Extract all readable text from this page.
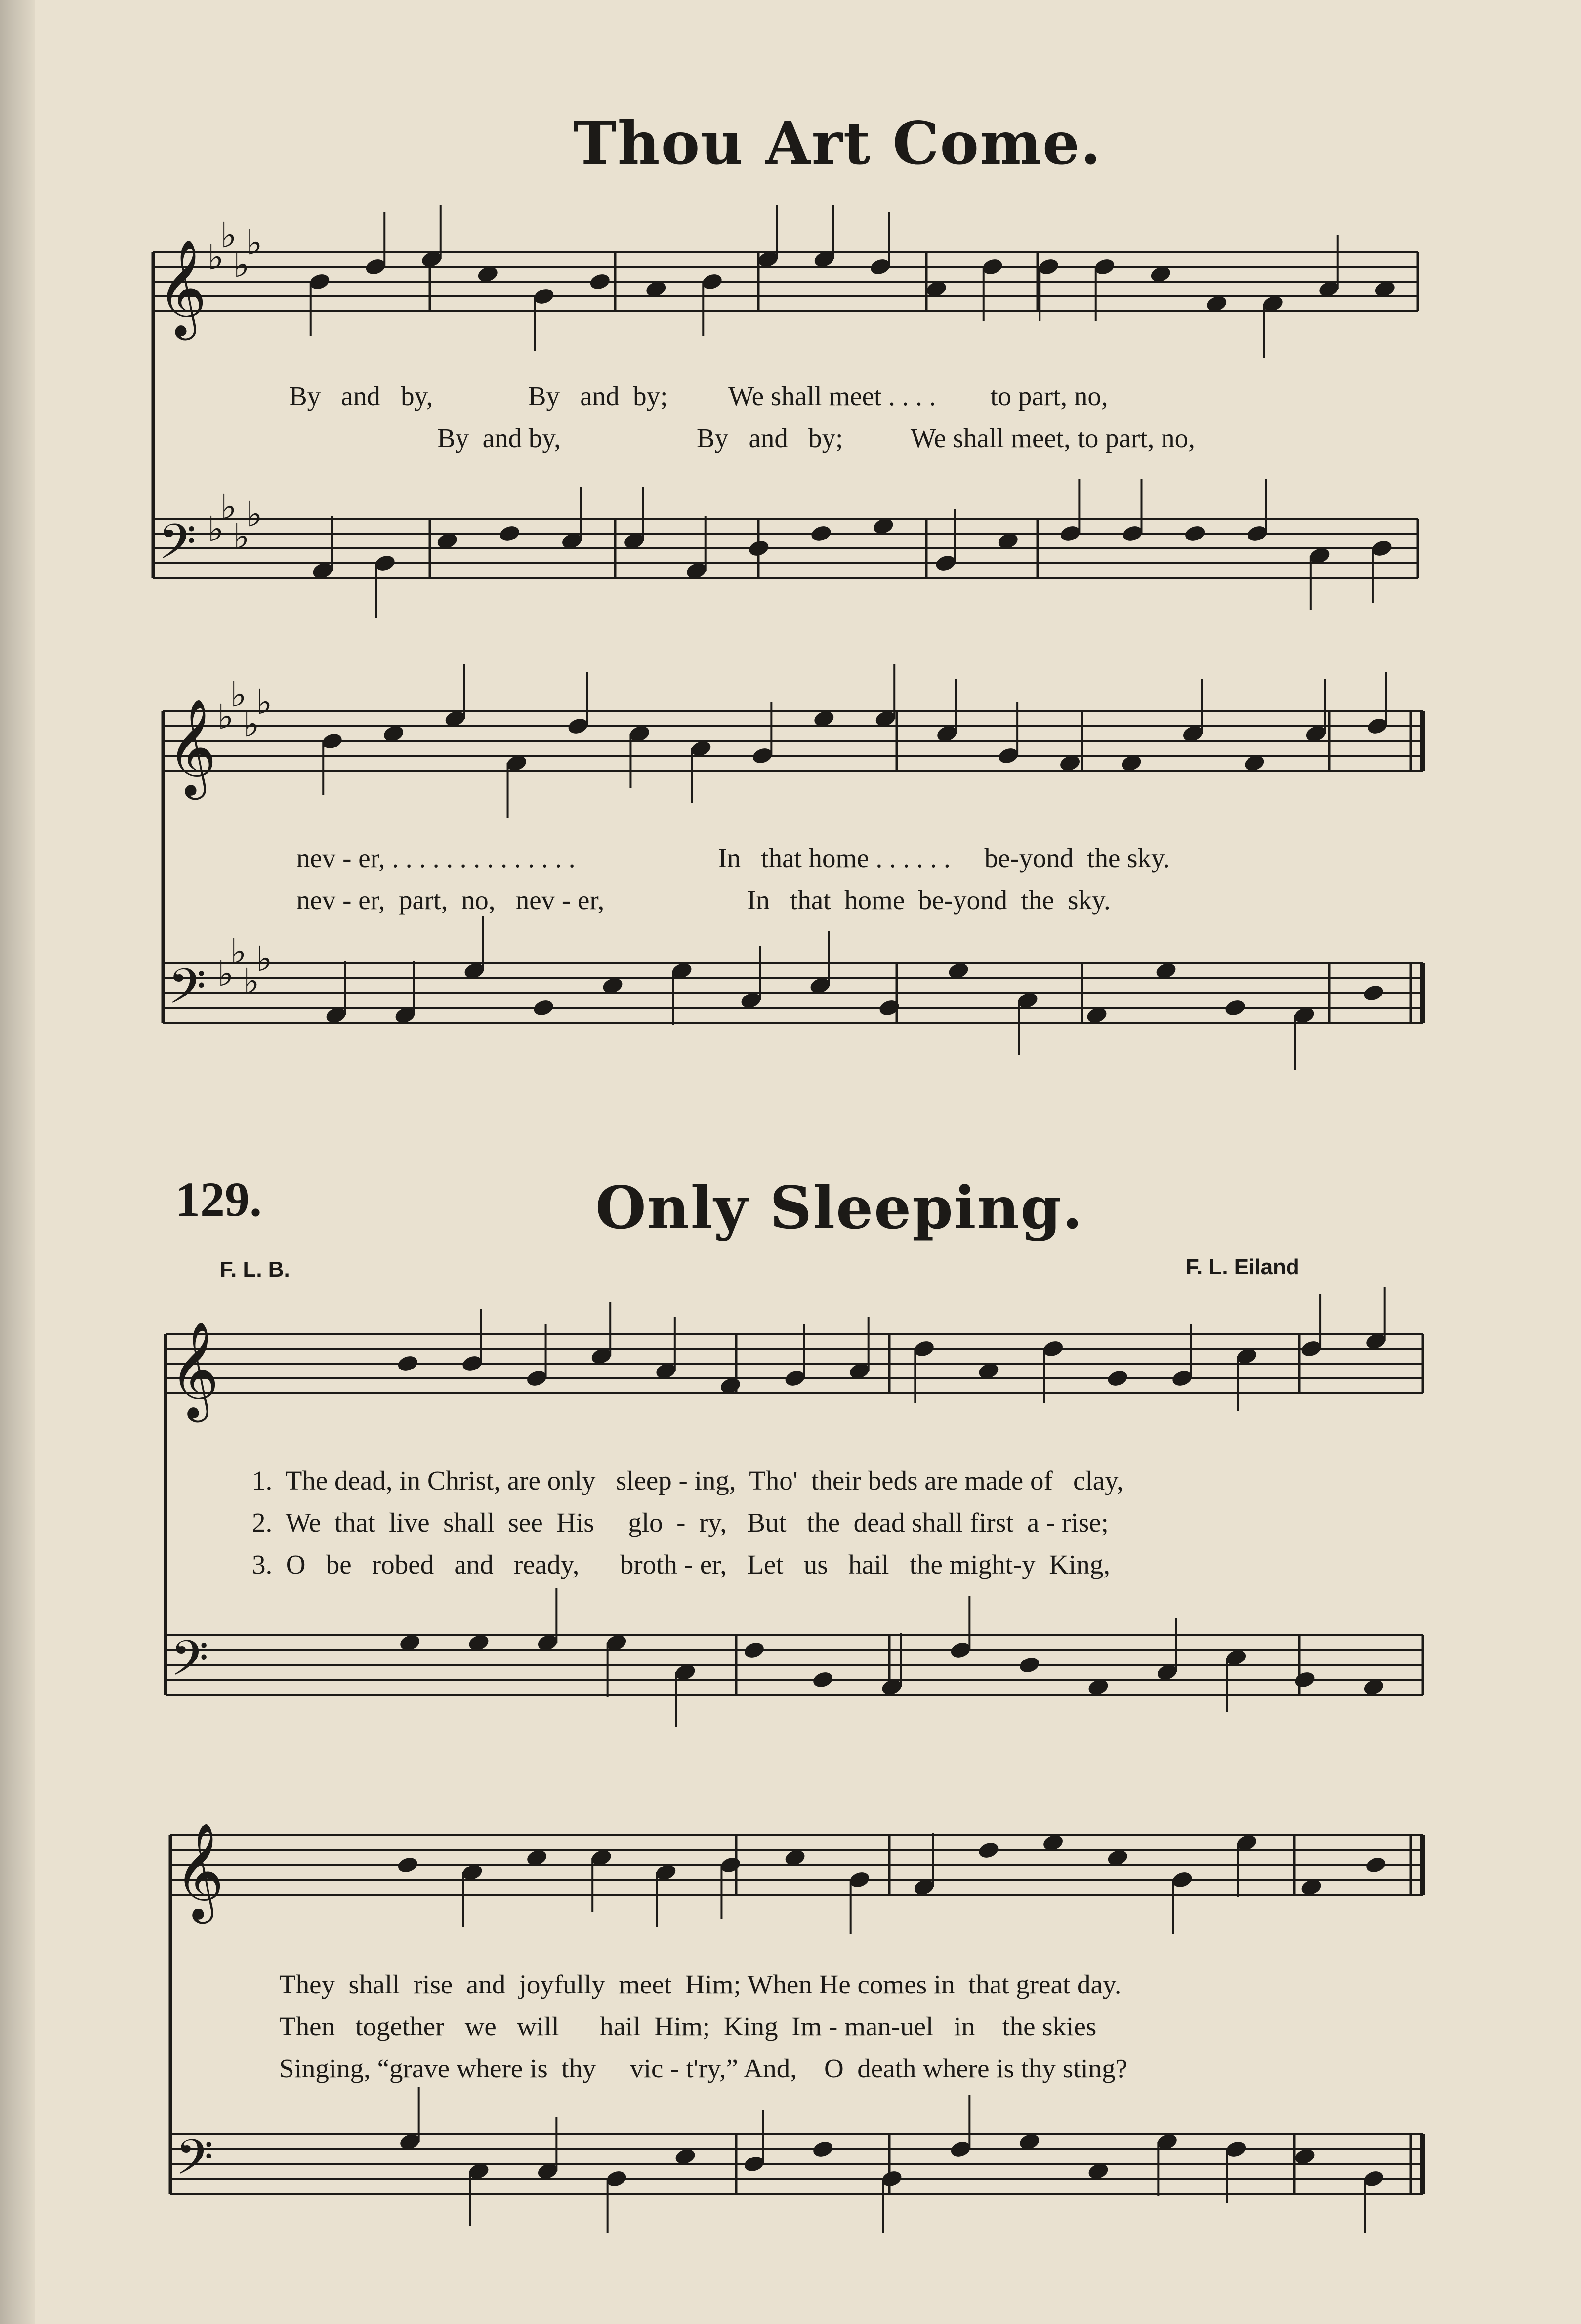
Thou Art Come.
129.	Only Sleeping.
F. L. B.	F. L. Eiland
𝄞 ♭
♭
♭
♭
𝄢 ♭
♭
♭
♭
𝄞 ♭
♭
♭
♭
𝄢 ♭
♭
♭
♭
𝄞
𝄢
𝄞
𝄢
By   and   by,              By   and  by;         We shall meet . . . .        to part, no,
By  and by,                    By   and   by;          We shall meet, to part, no,
nev - er, . . . . . . . . . . . . . .                     In   that home . . . . . .     be-yond  the sky.
nev - er,  part,  no,   nev - er,                     In   that  home  be-yond  the  sky.
1.  The dead, in Christ, are only   sleep - ing,  Tho'  their beds are made of   clay,
2.  We  that  live  shall  see  His     glo  -  ry,   But   the  dead shall first  a - rise;
3.  O   be   robed   and   ready,      broth - er,   Let   us   hail   the might-y  King,
They  shall  rise  and  joyfully  meet  Him; When He comes in  that great day.
Then   together   we   will      hail  Him;  King  Im - man-uel   in    the skies
Singing, “grave where is  thy     vic - t'ry,” And,    O  death where is thy sting?
